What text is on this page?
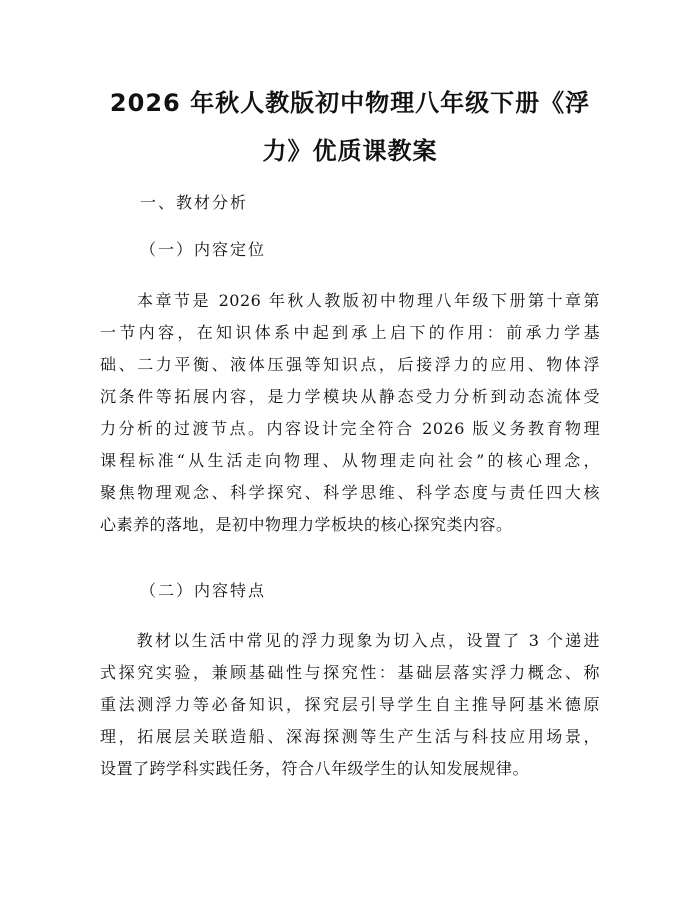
2026 年秋人教版初中物理八年级下册《浮
力》优质课教案
一、教材分析
（一）内容定位
　　本章节是 2026 年秋人教版初中物理八年级下册第十章第
一节内容，在知识体系中起到承上启下的作用：前承力学基
础、二力平衡、液体压强等知识点，后接浮力的应用、物体浮
沉条件等拓展内容，是力学模块从静态受力分析到动态流体受
力分析的过渡节点。内容设计完全符合 2026 版义务教育物理
课程标准“从生活走向物理、从物理走向社会”的核心理念，
聚焦物理观念、科学探究、科学思维、科学态度与责任四大核
心素养的落地，是初中物理力学板块的核心探究类内容。
（二）内容特点
　　教材以生活中常见的浮力现象为切入点，设置了 3 个递进
式探究实验，兼顾基础性与探究性：基础层落实浮力概念、称
重法测浮力等必备知识，探究层引导学生自主推导阿基米德原
理，拓展层关联造船、深海探测等生产生活与科技应用场景，
设置了跨学科实践任务，符合八年级学生的认知发展规律。
